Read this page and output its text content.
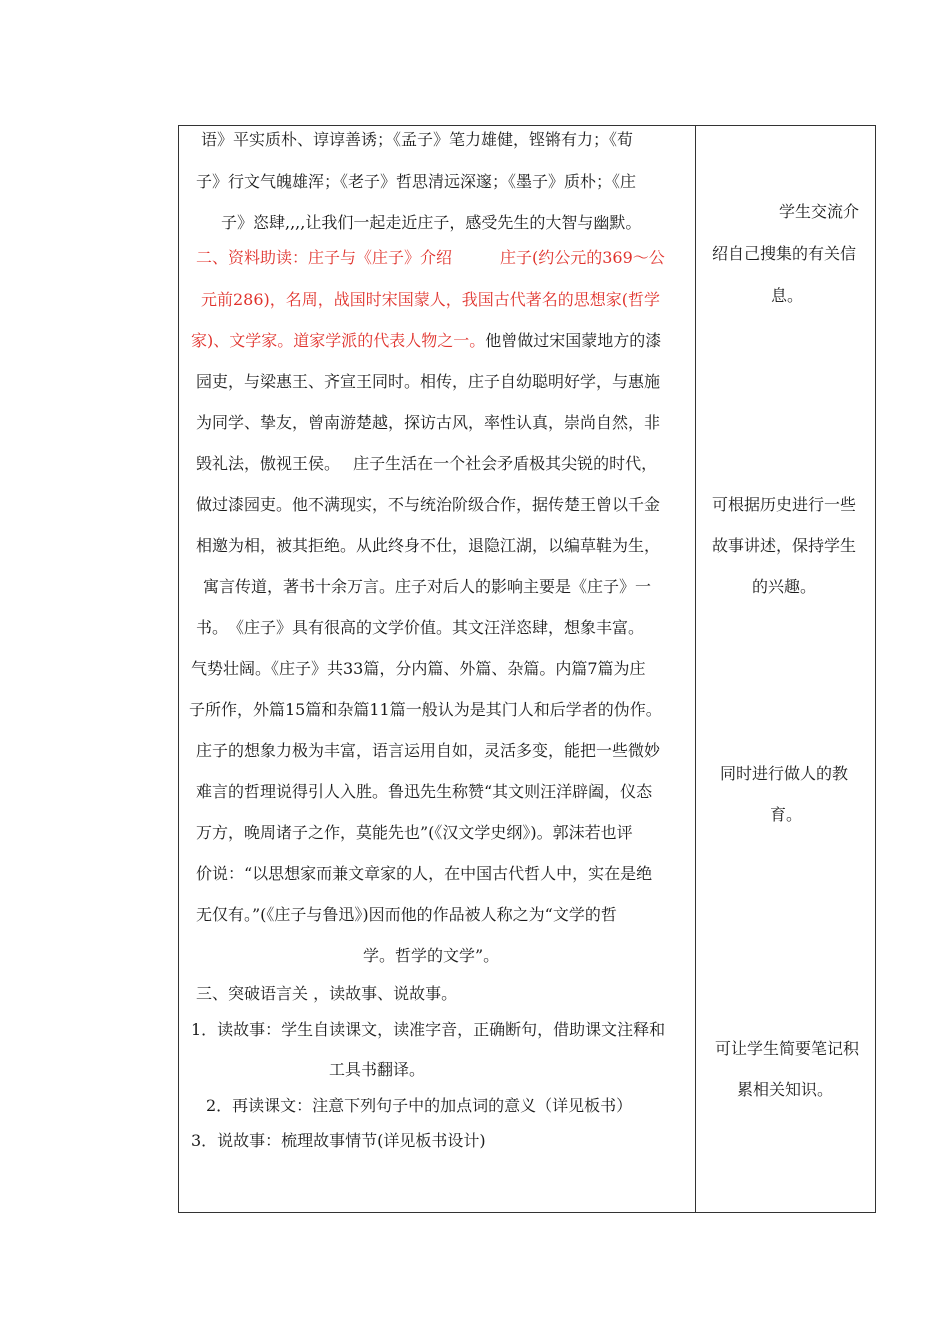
语》平实质朴、谆谆善诱；《孟子》笔力雄健，铿锵有力；《荀
子》行文气魄雄浑；《老子》哲思清远深邃；《墨子》质朴；《庄
子》恣肆,,,,让我们一起走近庄子，感受先生的大智与幽默。
二、资料助读：庄子与《庄子》介绍　　　庄子(约公元的369～公
元前286)，名周，战国时宋国蒙人，我国古代著名的思想家(哲学
家)、文学家。道家学派的代表人物之一。他曾做过宋国蒙地方的漆
园吏，与梁惠王、齐宣王同时。相传，庄子自幼聪明好学，与惠施
为同学、挚友，曾南游楚越，探访古风，率性认真，崇尚自然，非
毁礼法，傲视王侯。　 庄子生活在一个社会矛盾极其尖锐的时代，
做过漆园吏。他不满现实，不与统治阶级合作，据传楚王曾以千金
相邀为相，被其拒绝。从此终身不仕，退隐江湖，以编草鞋为生，
寓言传道，著书十余万言。庄子对后人的影响主要是《庄子》一
书。　《庄子》具有很高的文学价值。其文汪洋恣肆，想象丰富。
气势壮阔。《庄子》共33篇，分内篇、外篇、杂篇。内篇7篇为庄
子所作，外篇15篇和杂篇11篇一般认为是其门人和后学者的伪作。
庄子的想象力极为丰富，语言运用自如，灵活多变，能把一些微妙
难言的哲理说得引人入胜。鲁迅先生称赞“其文则汪洋辟阖，仪态
万方，晚周诸子之作，莫能先也”(《汉文学史纲》)。郭沫若也评
价说：“以思想家而兼文章家的人，在中国古代哲人中，实在是绝
无仅有。”(《庄子与鲁迅》)因而他的作品被人称之为“文学的哲
学。哲学的文学”。
三、突破语言关 ，读故事、说故事。
1．读故事：学生自读课文，读准字音，正确断句，借助课文注释和
工具书翻译。
2．再读课文：注意下列句子中的加点词的意义（详见板书）
3．说故事：梳理故事情节(详见板书设计)
学生交流介
绍自己搜集的有关信
息。
可根据历史进行一些
故事讲述，保持学生
的兴趣。
同时进行做人的教
育。
可让学生简要笔记积
累相关知识。
